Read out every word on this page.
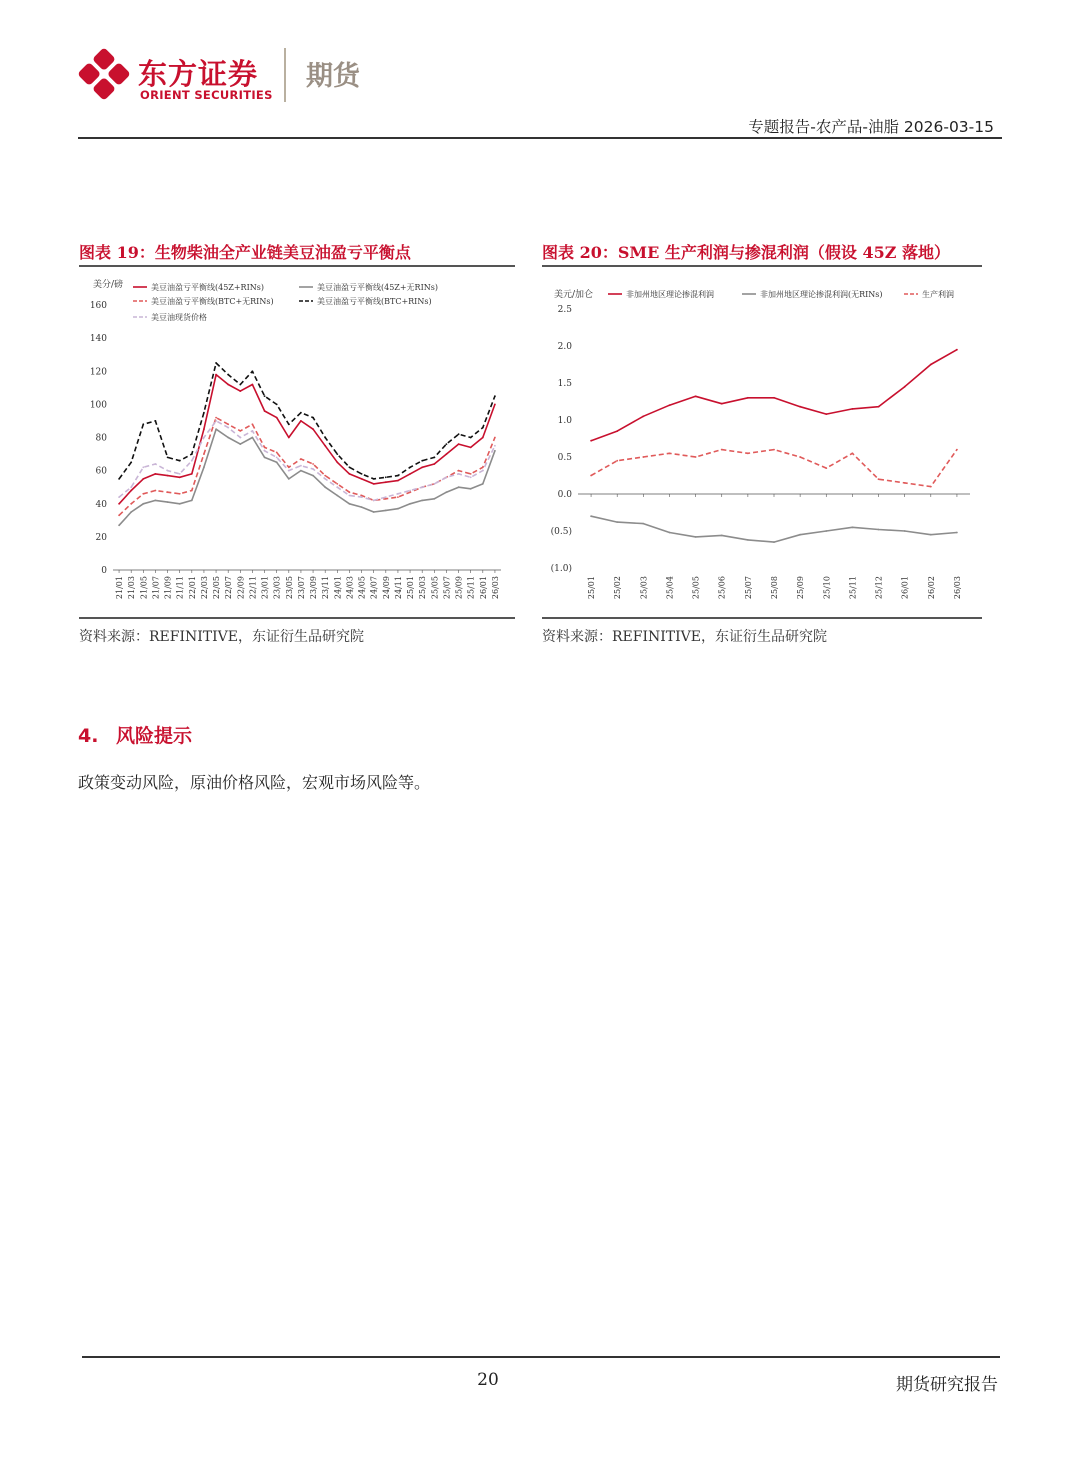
东方证券
ORIENT SECURITIES
期货
专题报告-农产品-油脂 2026-03-15
图表 19：生物柴油全产业链美豆油盈亏平衡点
美分/磅	美豆油盈亏平衡线(45Z+RINs)	美豆油盈亏平衡线(45Z+无RINs)
美豆油盈亏平衡线(BTC+无RINs)	美豆油盈亏平衡线(BTC+RINs)
美豆油现货价格
0
20
40
60
80
100
120
140
160
21/01 21/03 21/05 21/07 21/09 21/11 22/01 22/03 22/05 22/07 22/09 22/11 23/01 23/03 23/05 23/07 23/09 23/11 24/01 24/03 24/05 24/07 24/09 24/11 25/01 25/03 25/05 25/07 25/09 25/11 26/01 26/03
资料来源：REFINITIVE，东证衍生品研究院
图表 20：SME 生产利润与掺混利润（假设 45Z 落地）
美元/加仑	非加州地区理论掺混利润	非加州地区理论掺混利润(无RINs)	生产利润
(1.0)
(0.5)
0.0
0.5
1.0
1.5
2.0
2.5
25/01 25/02 25/03 25/04 25/05 25/06 25/07 25/08 25/09 25/10 25/11 25/12 26/01 26/02 26/03
资料来源：REFINITIVE，东证衍生品研究院
4. 风险提示
政策变动风险，原油价格风险，宏观市场风险等。
20	期货研究报告
